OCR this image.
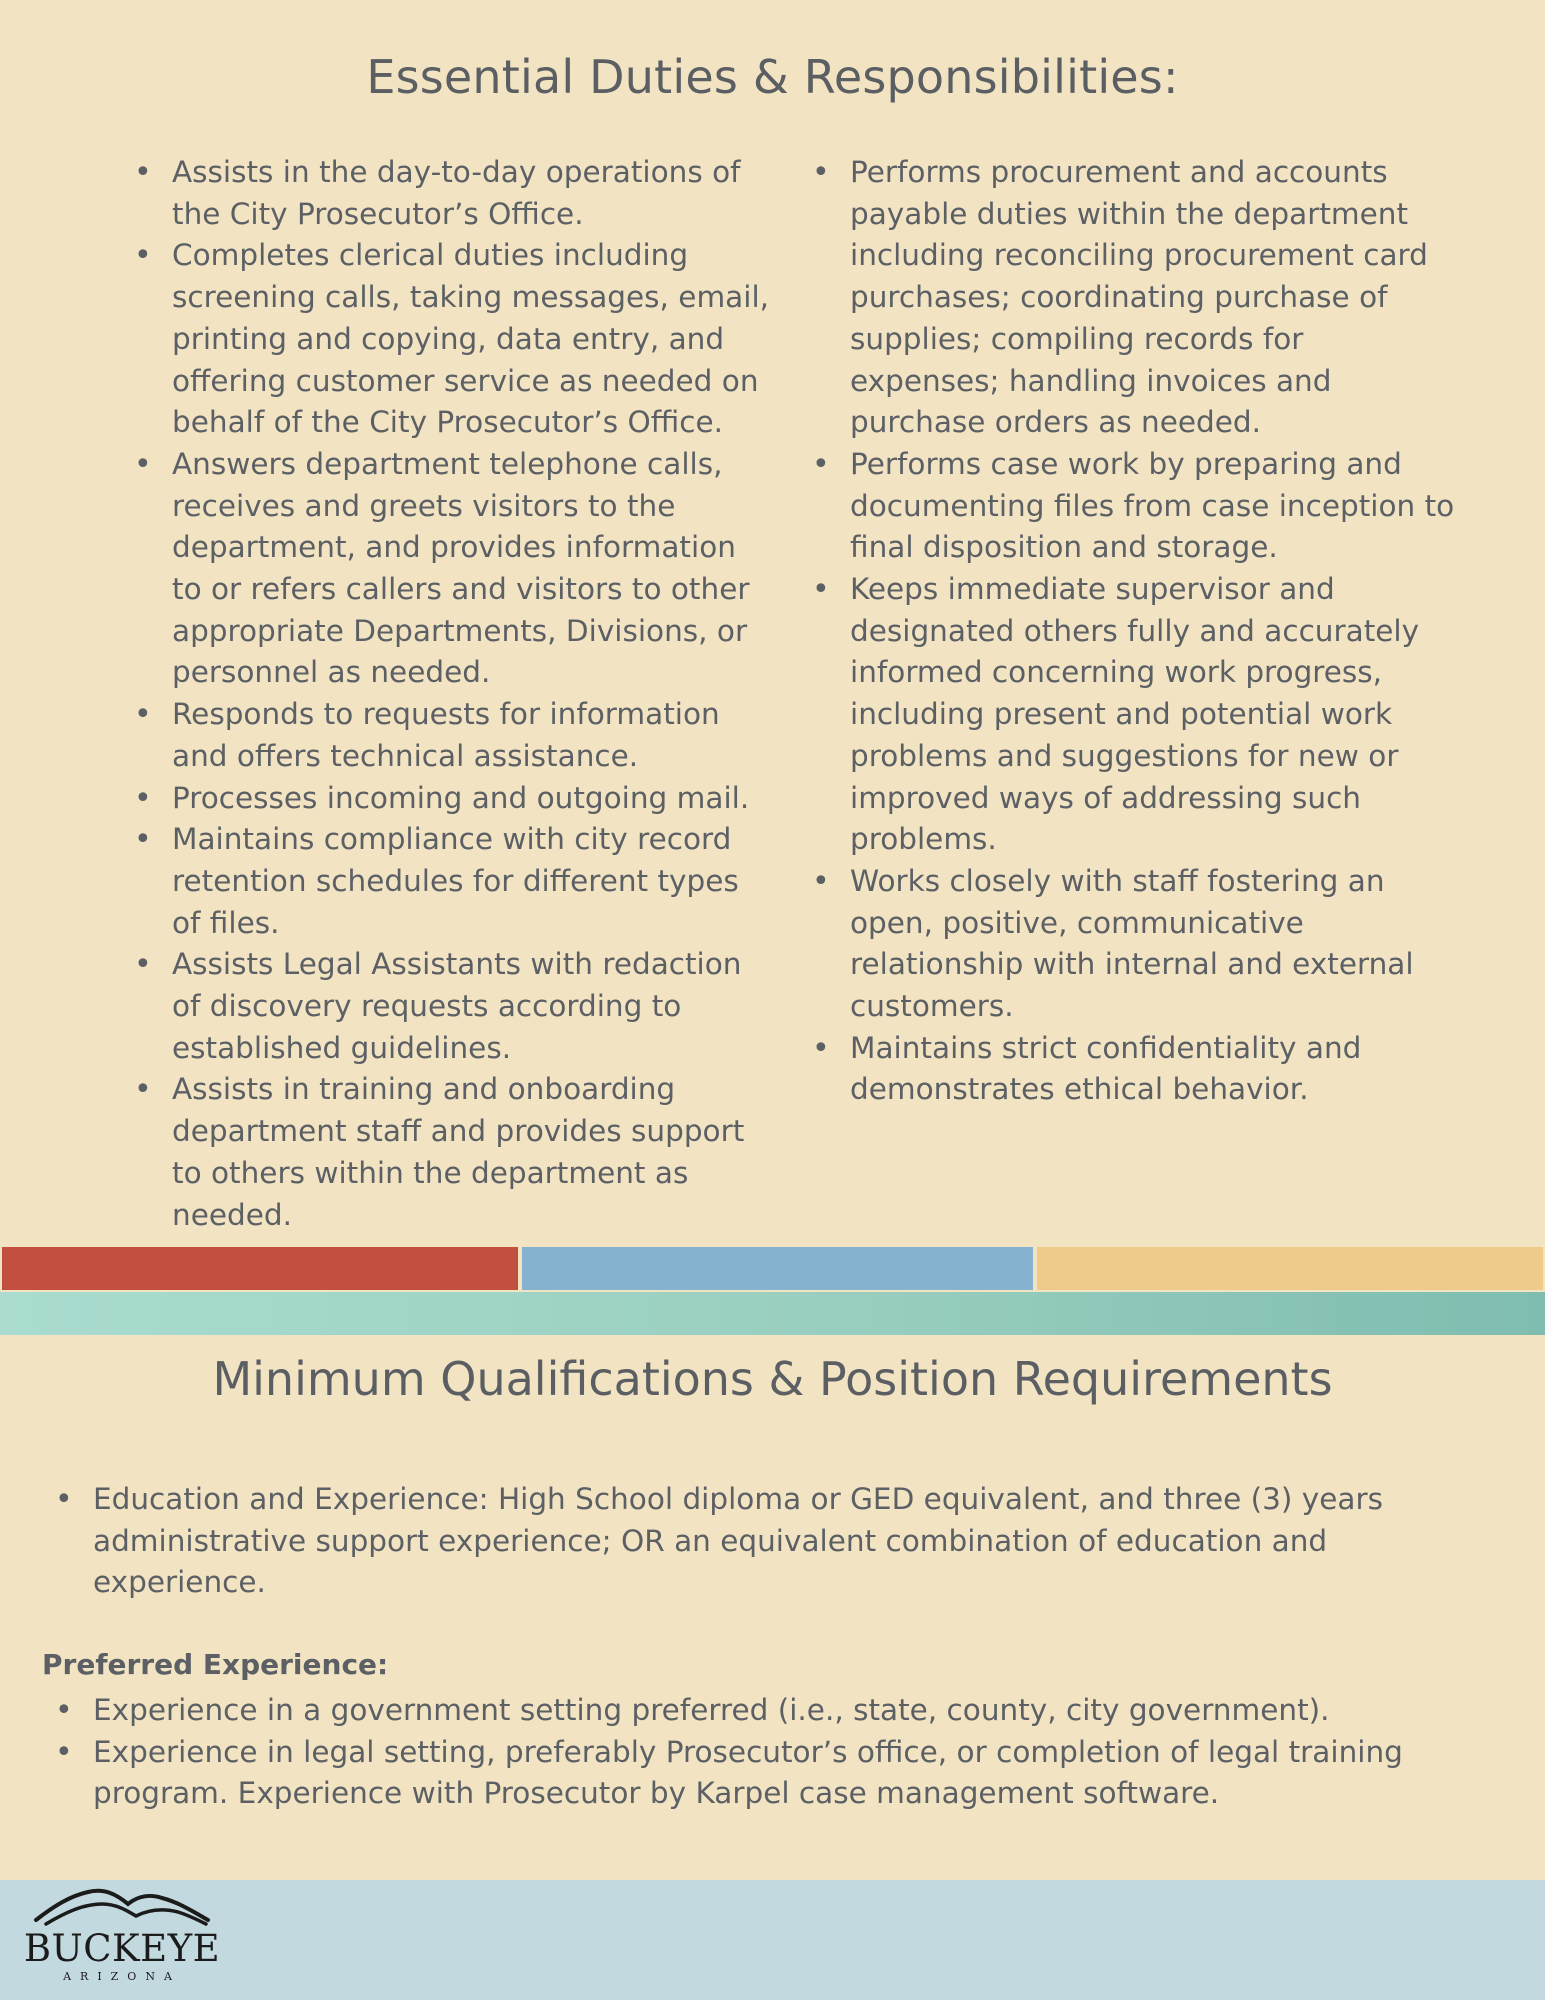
Essential Duties & Responsibilities:
• Assists in the day-to-day operations of the City Prosecutor’s Office.
• Completes clerical duties including screening calls, taking messages, email, printing and copying, data entry, and offering customer service as needed on behalf of the City Prosecutor’s Office.
• Answers department telephone calls, receives and greets visitors to the department, and provides information to or refers callers and visitors to other appropriate Departments, Divisions, or personnel as needed.
• Responds to requests for information and offers technical assistance.
• Processes incoming and outgoing mail.
• Maintains compliance with city record retention schedules for different types of files.
• Assists Legal Assistants with redaction of discovery requests according to established guidelines.
• Assists in training and onboarding department staff and provides support to others within the department as needed.
• Performs procurement and accounts payable duties within the department including reconciling procurement card purchases; coordinating purchase of supplies; compiling records for expenses; handling invoices and purchase orders as needed.
• Performs case work by preparing and documenting files from case inception to final disposition and storage.
• Keeps immediate supervisor and designated others fully and accurately informed concerning work progress, including present and potential work problems and suggestions for new or improved ways of addressing such problems.
• Works closely with staff fostering an open, positive, communicative relationship with internal and external customers.
• Maintains strict confidentiality and demonstrates ethical behavior.
Minimum Qualifications & Position Requirements
• Education and Experience: High School diploma or GED equivalent, and three (3) years administrative support experience; OR an equivalent combination of education and experience.
Preferred Experience:
• Experience in a government setting preferred (i.e., state, county, city government).
• Experience in legal setting, preferably Prosecutor’s office, or completion of legal training program. Experience with Prosecutor by Karpel case management software.
BUCKEYE
ARIZONA
